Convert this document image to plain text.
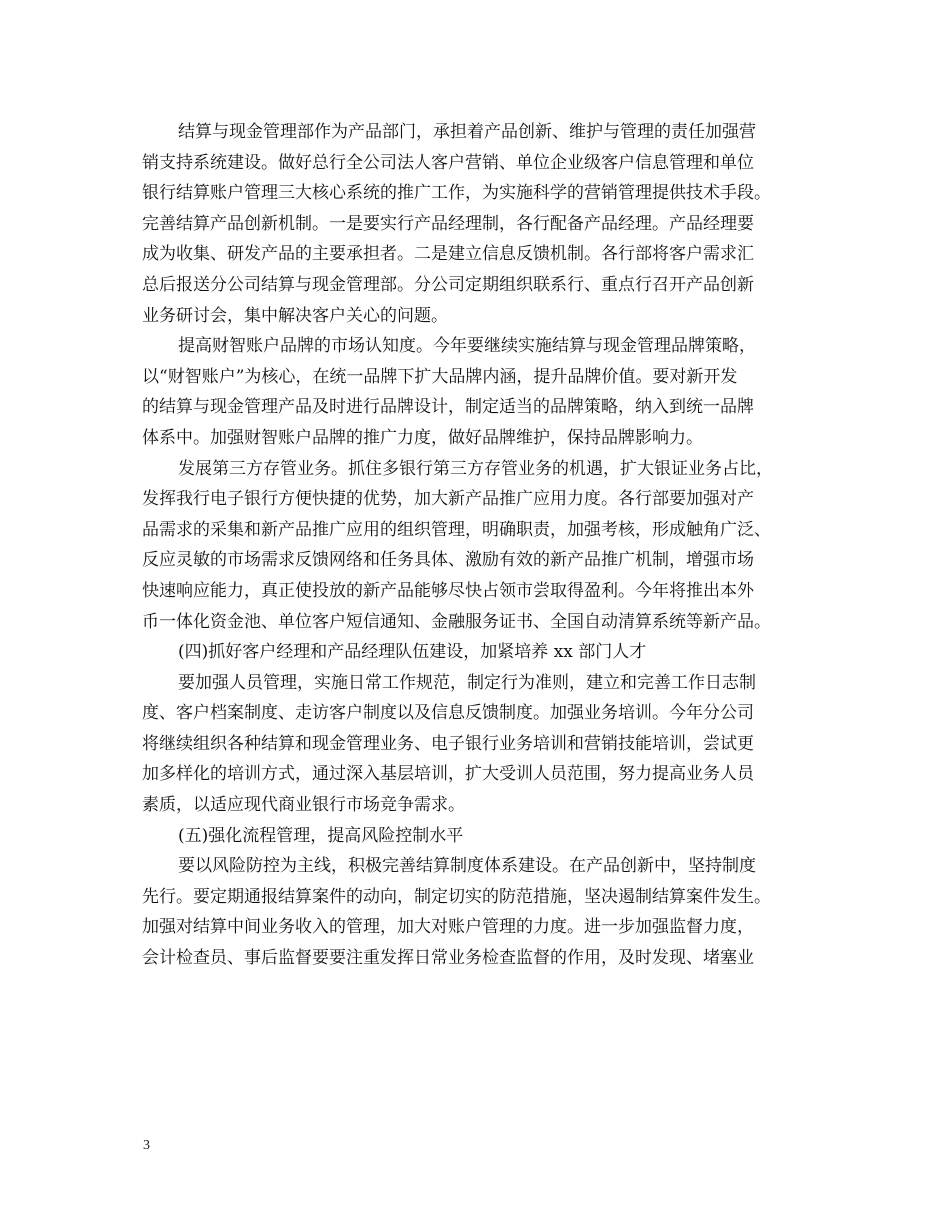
结算与现金管理部作为产品部门，承担着产品创新、维护与管理的责任加强营
销支持系统建设。做好总行全公司法人客户营销、单位企业级客户信息管理和单位
银行结算账户管理三大核心系统的推广工作，为实施科学的营销管理提供技术手段。
完善结算产品创新机制。一是要实行产品经理制，各行配备产品经理。产品经理要
成为收集、研发产品的主要承担者。二是建立信息反馈机制。各行部将客户需求汇
总后报送分公司结算与现金管理部。分公司定期组织联系行、重点行召开产品创新
业务研讨会，集中解决客户关心的问题。
提高财智账户品牌的市场认知度。今年要继续实施结算与现金管理品牌策略，
以“财智账户”为核心，在统一品牌下扩大品牌内涵，提升品牌价值。要对新开发
的结算与现金管理产品及时进行品牌设计，制定适当的品牌策略，纳入到统一品牌
体系中。加强财智账户品牌的推广力度，做好品牌维护，保持品牌影响力。
发展第三方存管业务。抓住多银行第三方存管业务的机遇，扩大银证业务占比，
发挥我行电子银行方便快捷的优势，加大新产品推广应用力度。各行部要加强对产
品需求的采集和新产品推广应用的组织管理，明确职责，加强考核，形成触角广泛、
反应灵敏的市场需求反馈网络和任务具体、激励有效的新产品推广机制，增强市场
快速响应能力，真正使投放的新产品能够尽快占领市尝取得盈利。今年将推出本外
币一体化资金池、单位客户短信通知、金融服务证书、全国自动清算系统等新产品。
(四)抓好客户经理和产品经理队伍建设，加紧培养 xx 部门人才
要加强人员管理，实施日常工作规范，制定行为准则，建立和完善工作日志制
度、客户档案制度、走访客户制度以及信息反馈制度。加强业务培训。今年分公司
将继续组织各种结算和现金管理业务、电子银行业务培训和营销技能培训，尝试更
加多样化的培训方式，通过深入基层培训，扩大受训人员范围，努力提高业务人员
素质，以适应现代商业银行市场竞争需求。
(五)强化流程管理，提高风险控制水平
要以风险防控为主线，积极完善结算制度体系建设。在产品创新中，坚持制度
先行。要定期通报结算案件的动向，制定切实的防范措施，坚决遏制结算案件发生。
加强对结算中间业务收入的管理，加大对账户管理的力度。进一步加强监督力度，
会计检查员、事后监督要要注重发挥日常业务检查监督的作用，及时发现、堵塞业
3
